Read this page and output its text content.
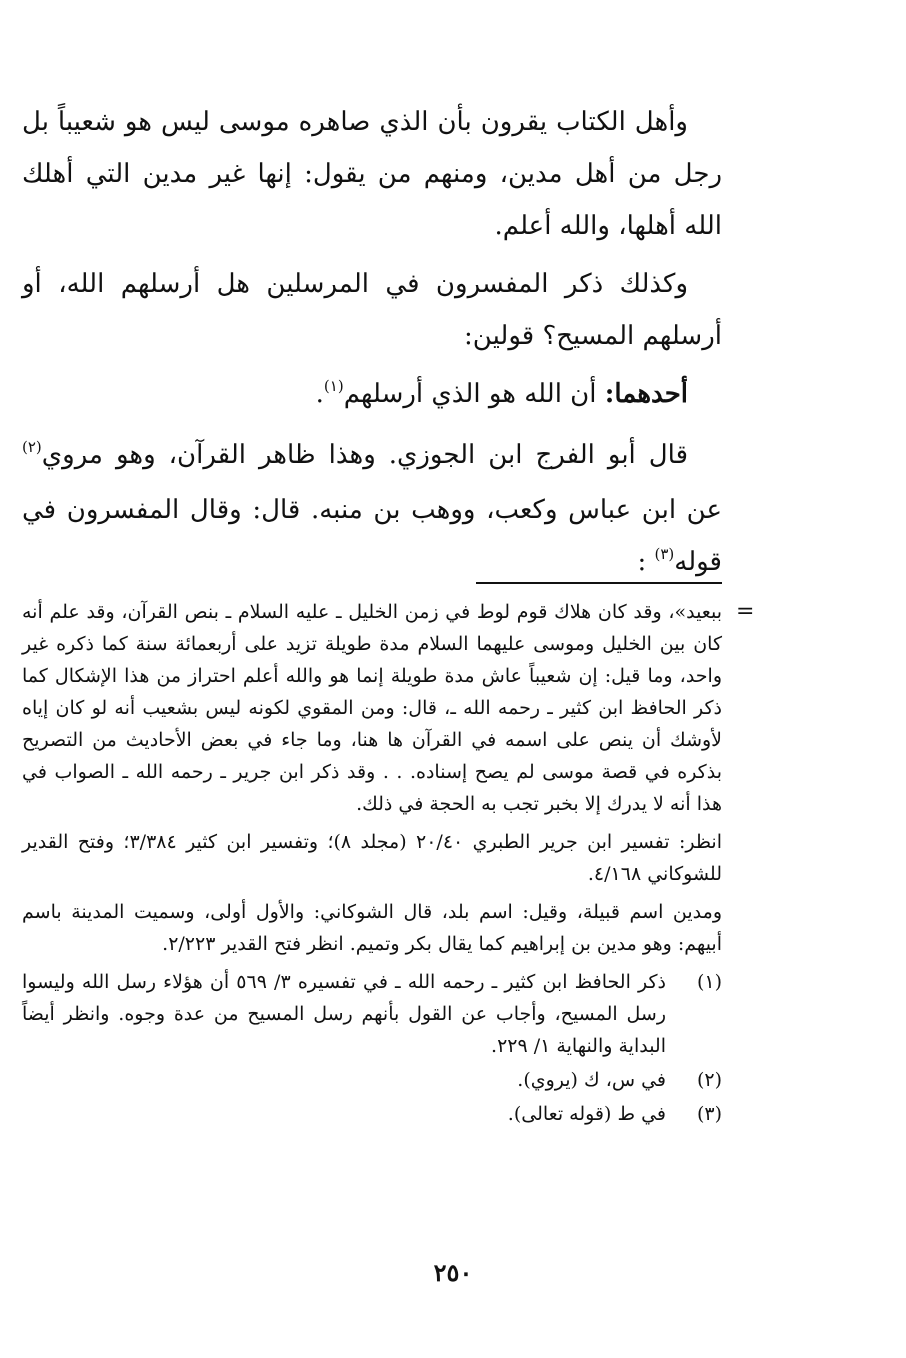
وأهل الكتاب يقرون بأن الذي صاهره موسى ليس هو شعيباً بل رجل من أهل مدين، ومنهم من يقول: إنها غير مدين التي أهلك الله أهلها، والله أعلم.

وكذلك ذكر المفسرون في المرسلين هل أرسلهم الله، أو أرسلهم المسيح؟ قولين:

أحدهما: أن الله هو الذي أرسلهم$^{(١)}$.

قال أبو الفرج ابن الجوزي. وهذا ظاهر القرآن، وهو مروي$^{(٢)}$ عن ابن عباس وكعب، ووهب بن منبه. قال: وقال المفسرون في قوله$^{(٣)}$ :

=

ببعيد»، وقد كان هلاك قوم لوط في زمن الخليل ـ عليه السلام ـ بنص القرآن، وقد علم أنه كان بين الخليل وموسى عليهما السلام مدة طويلة تزيد على أربعمائة سنة كما ذكره غير واحد، وما قيل: إن شعيباً عاش مدة طويلة إنما هو والله أعلم احتراز من هذا الإشكال كما ذكر الحافظ ابن كثير ـ رحمه الله ـ، قال: ومن المقوي لكونه ليس بشعيب أنه لو كان إياه لأوشك أن ينص على اسمه في القرآن ها هنا، وما جاء في بعض الأحاديث من التصريح بذكره في قصة موسى لم يصح إسناده. . . وقد ذكر ابن جرير ـ رحمه الله ـ الصواب في هذا أنه لا يدرك إلا بخبر تجب به الحجة في ذلك.

انظر: تفسير ابن جرير الطبري ٢٠/٤٠ (مجلد ٨)؛ وتفسير ابن كثير ٣/٣٨٤؛ وفتح القدير للشوكاني ٤/١٦٨.

ومدين اسم قبيلة، وقيل: اسم بلد، قال الشوكاني: والأول أولى، وسميت المدينة باسم أبيهم: وهو مدين بن إبراهيم كما يقال بكر وتميم. انظر فتح القدير ٢/٢٢٣.

(١)
ذكر الحافظ ابن كثير ـ رحمه الله ـ في تفسيره ٣/ ٥٦٩ أن هؤلاء رسل الله وليسوا رسل المسيح، وأجاب عن القول بأنهم رسل المسيح من عدة وجوه. وانظر أيضاً البداية والنهاية ١/ ٢٢٩.
(٢)
في س، ك (يروي).
(٣)
في ط (قوله تعالى).
٢٥٠
